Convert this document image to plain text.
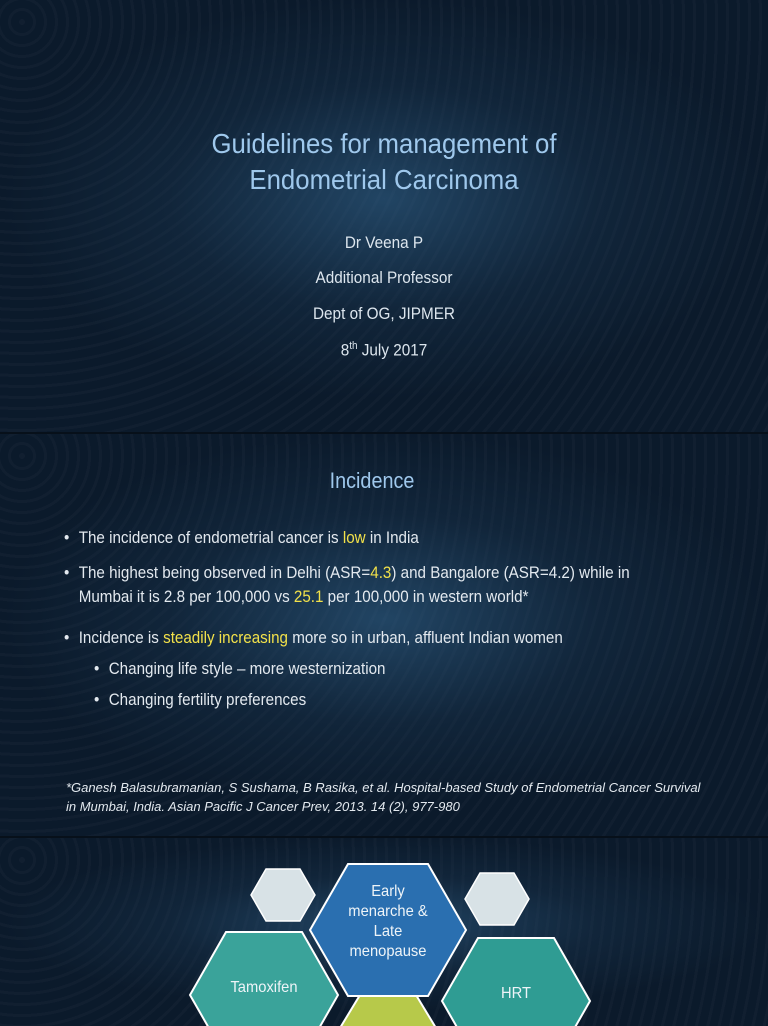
Guidelines for management of Endometrial Carcinoma
Dr Veena P
Additional Professor
Dept of OG, JIPMER
8th July 2017
Incidence
• The incidence of endometrial cancer is low in India
• The highest being observed in Delhi (ASR=4.3) and Bangalore (ASR=4.2) while in Mumbai it is 2.8 per 100,000 vs 25.1 per 100,000 in western world*
• Incidence is steadily increasing more so in urban, affluent Indian women
• Changing life style – more westernization
• Changing fertility preferences
*Ganesh Balasubramanian, S Sushama, B Rasika, et al. Hospital-based Study of Endometrial Cancer Survival in Mumbai, India. Asian Pacific J Cancer Prev, 2013. 14 (2), 977-980
Tamoxifen	HRT
Early
menarche &
Late
menopause
